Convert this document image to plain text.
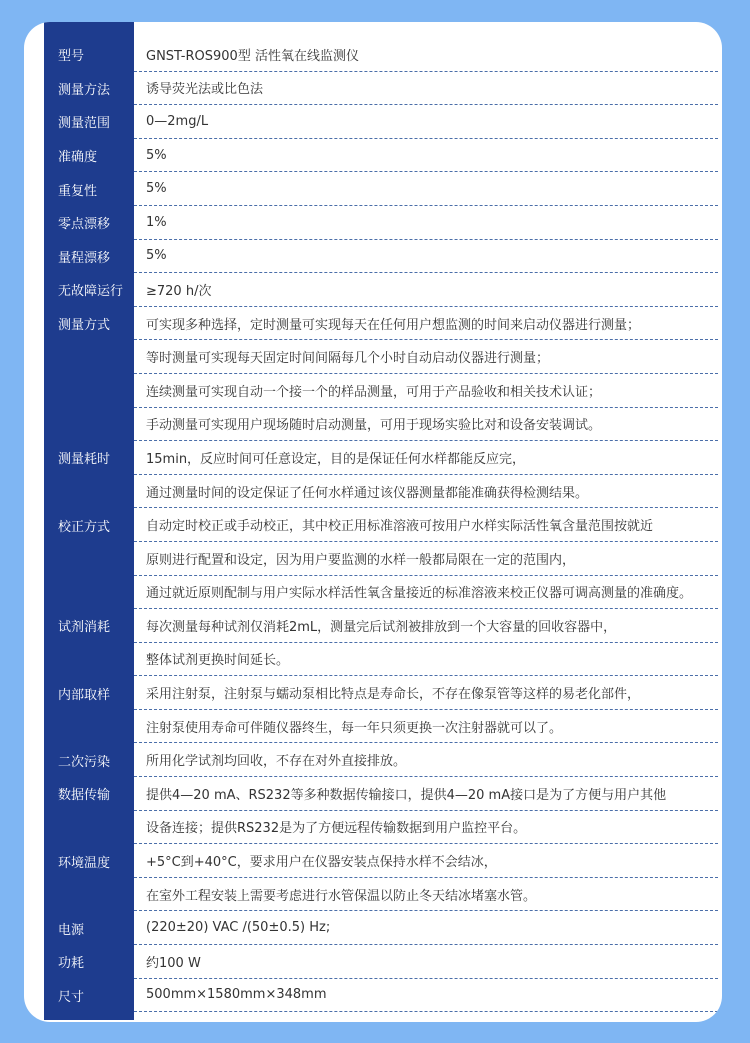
型号	GNST-ROS900型 活性氧在线监测仪
测量方法	诱导荧光法或比色法
测量范围	0—2mg/L
准确度	5%
重复性	5%
零点漂移	1%
量程漂移	5%
无故障运行	≥720 h/次
测量方式	可实现多种选择，定时测量可实现每天在任何用户想监测的时间来启动仪器进行测量；
等时测量可实现每天固定时间间隔每几个小时自动启动仪器进行测量；
连续测量可实现自动一个接一个的样品测量，可用于产品验收和相关技术认证；
手动测量可实现用户现场随时启动测量，可用于现场实验比对和设备安装调试。
测量耗时	15min，反应时间可任意设定，目的是保证任何水样都能反应完，
通过测量时间的设定保证了任何水样通过该仪器测量都能准确获得检测结果。
校正方式	自动定时校正或手动校正，其中校正用标准溶液可按用户水样实际活性氧含量范围按就近
原则进行配置和设定，因为用户要监测的水样一般都局限在一定的范围内，
通过就近原则配制与用户实际水样活性氧含量接近的标准溶液来校正仪器可调高测量的准确度。
试剂消耗	每次测量每种试剂仅消耗2mL，测量完后试剂被排放到一个大容量的回收容器中，
整体试剂更换时间延长。
内部取样	采用注射泵，注射泵与蠕动泵相比特点是寿命长，不存在像泵管等这样的易老化部件，
注射泵使用寿命可伴随仪器终生，每一年只须更换一次注射器就可以了。
二次污染	所用化学试剂均回收，不存在对外直接排放。
数据传输	提供4—20 mA、RS232等多种数据传输接口，提供4—20 mA接口是为了方便与用户其他
设备连接；提供RS232是为了方便远程传输数据到用户监控平台。
环境温度	+5°C到+40°C，要求用户在仪器安装点保持水样不会结冰，
在室外工程安装上需要考虑进行水管保温以防止冬天结冰堵塞水管。
电源	(220±20) VAC /(50±0.5) Hz;
功耗	约100 W
尺寸	500mm×1580mm×348mm
